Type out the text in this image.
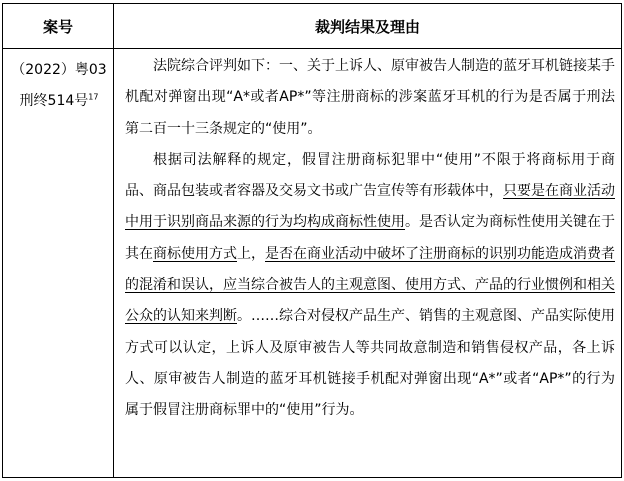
案号	裁判结果及理由
（2022）粤03刑终514号$^{17}$

法院综合评判如下：一、关于上诉人、原审被告人制造的蓝牙耳机链接某手机配对弹窗出现“A*或者AP*”等注册商标的涉案蓝牙耳机的行为是否属于刑法第二百一十三条规定的“使用”。

根据司法解释的规定，假冒注册商标犯罪中“使用”不限于将商标用于商品、商品包装或者容器及交易文书或广告宣传等有形载体中，只要是在商业活动中用于识别商品来源的行为均构成商标性使用。是否认定为商标性使用关键在于其在商标使用方式上，是否在商业活动中破坏了注册商标的识别功能造成消费者的混淆和误认，应当综合被告人的主观意图、使用方式、产品的行业惯例和相关公众的认知来判断。……综合对侵权产品生产、销售的主观意图、产品实际使用方式可以认定，上诉人及原审被告人等共同故意制造和销售侵权产品，各上诉人、原审被告人制造的蓝牙耳机链接手机配对弹窗出现“A*”或者“AP*”的行为属于假冒注册商标罪中的“使用”行为。
